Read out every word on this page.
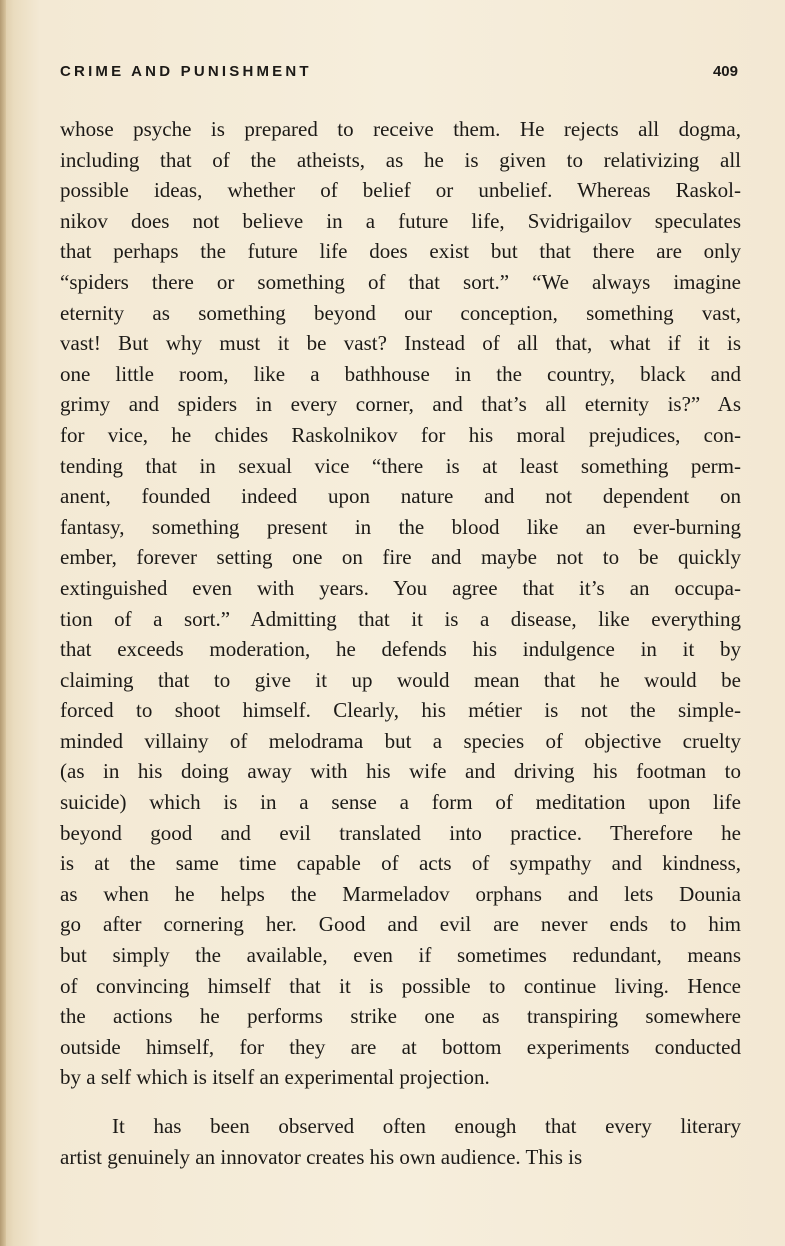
CRIME AND PUNISHMENT	409
whose psyche is prepared to receive them. He rejects all dogma,
including that of the atheists, as he is given to relativizing all
possible ideas, whether of belief or unbelief. Whereas Raskol-
nikov does not believe in a future life, Svidrigailov speculates
that perhaps the future life does exist but that there are only
“spiders there or something of that sort.” “We always imagine
eternity as something beyond our conception, something vast,
vast! But why must it be vast? Instead of all that, what if it is
one little room, like a bathhouse in the country, black and
grimy and spiders in every corner, and that’s all eternity is?” As
for vice, he chides Raskolnikov for his moral prejudices, con-
tending that in sexual vice “there is at least something perm-
anent, founded indeed upon nature and not dependent on
fantasy, something present in the blood like an ever-burning
ember, forever setting one on fire and maybe not to be quickly
extinguished even with years. You agree that it’s an occupa-
tion of a sort.” Admitting that it is a disease, like everything
that exceeds moderation, he defends his indulgence in it by
claiming that to give it up would mean that he would be
forced to shoot himself. Clearly, his métier is not the simple-
minded villainy of melodrama but a species of objective cruelty
(as in his doing away with his wife and driving his footman to
suicide) which is in a sense a form of meditation upon life
beyond good and evil translated into practice. Therefore he
is at the same time capable of acts of sympathy and kindness,
as when he helps the Marmeladov orphans and lets Dounia
go after cornering her. Good and evil are never ends to him
but simply the available, even if sometimes redundant, means
of convincing himself that it is possible to continue living. Hence
the actions he performs strike one as transpiring somewhere
outside himself, for they are at bottom experiments conducted
by a self which is itself an experimental projection.
It has been observed often enough that every literary
artist genuinely an innovator creates his own audience. This is
